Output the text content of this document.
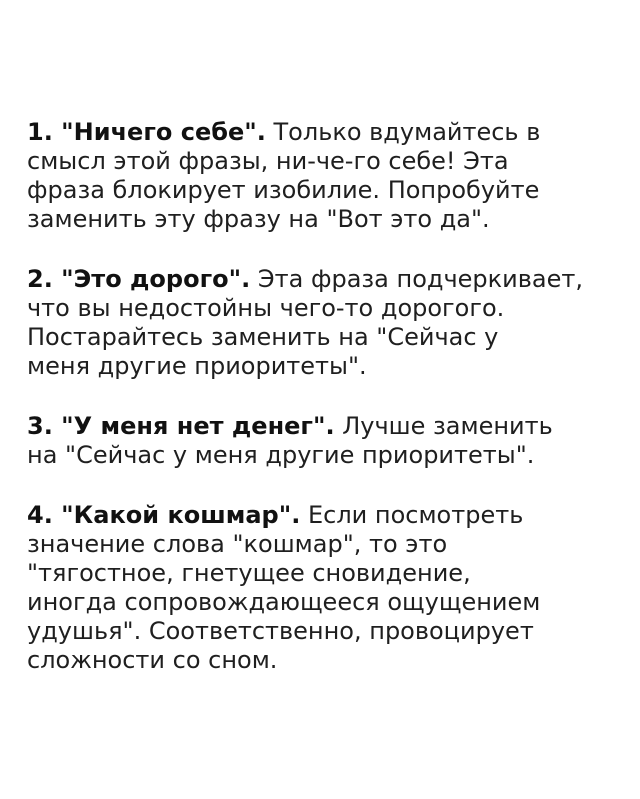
1. "Ничего себе". Только вдумайтесь в
смысл этой фразы, ни-че-го себе! Эта
фраза блокирует изобилие. Попробуйте
заменить эту фразу на "Вот это да".
2. "Это дорого". Эта фраза подчеркивает,
что вы недостойны чего-то дорогого.
Постарайтесь заменить на "Сейчас у
меня другие приоритеты".
3. "У меня нет денег". Лучше заменить
на "Сейчас у меня другие приоритеты".
4. "Какой кошмар". Если посмотреть
значение слова "кошмар", то это
"тягостное, гнетущее сновидение,
иногда сопровождающееся ощущением
удушья". Соответственно, провоцирует
сложности со сном.
